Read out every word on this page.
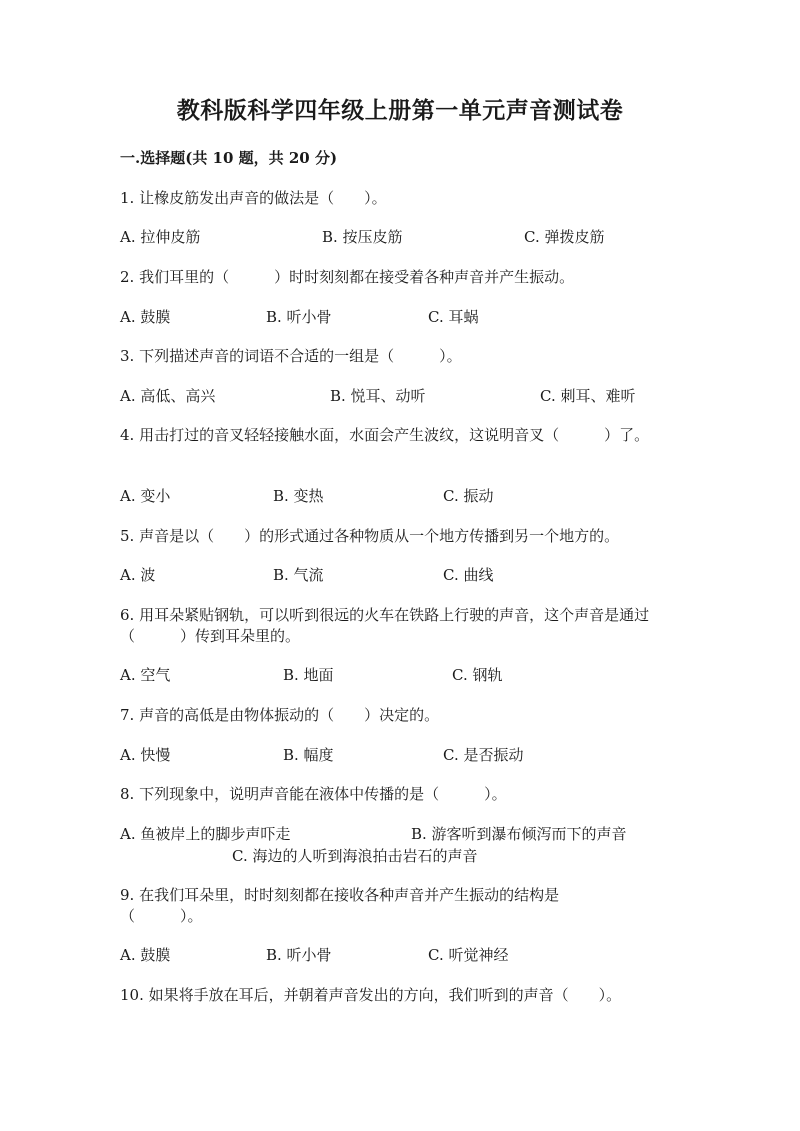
教科版科学四年级上册第一单元声音测试卷
一.选择题(共 10 题，共 20 分)

1. 让橡皮筋发出声音的做法是（　　）。

A. 拉伸皮筋	B. 按压皮筋	C. 弹拨皮筋

2. 我们耳里的（　　　）时时刻刻都在接受着各种声音并产生振动。

A. 鼓膜	B. 听小骨	C. 耳蜗

3. 下列描述声音的词语不合适的一组是（　　　）。

A. 高低、高兴	B. 悦耳、动听	C. 刺耳、难听

4. 用击打过的音叉轻轻接触水面，水面会产生波纹，这说明音叉（　　　）了。

A. 变小	B. 变热	C. 振动

5. 声音是以（　　）的形式通过各种物质从一个地方传播到另一个地方的。

A. 波	B. 气流	C. 曲线

6. 用耳朵紧贴钢轨，可以听到很远的火车在铁路上行驶的声音，这个声音是通过（　　　）传到耳朵里的。

A. 空气	B. 地面	C. 钢轨

7. 声音的高低是由物体振动的（　　）决定的。

A. 快慢	B. 幅度	C. 是否振动

8. 下列现象中，说明声音能在液体中传播的是（　　　）。

A. 鱼被岸上的脚步声吓走	B. 游客听到瀑布倾泻而下的声音
C. 海边的人听到海浪拍击岩石的声音

9. 在我们耳朵里，时时刻刻都在接收各种声音并产生振动的结构是（　　　）。

A. 鼓膜	B. 听小骨	C. 听觉神经

10. 如果将手放在耳后，并朝着声音发出的方向，我们听到的声音（　　）。
